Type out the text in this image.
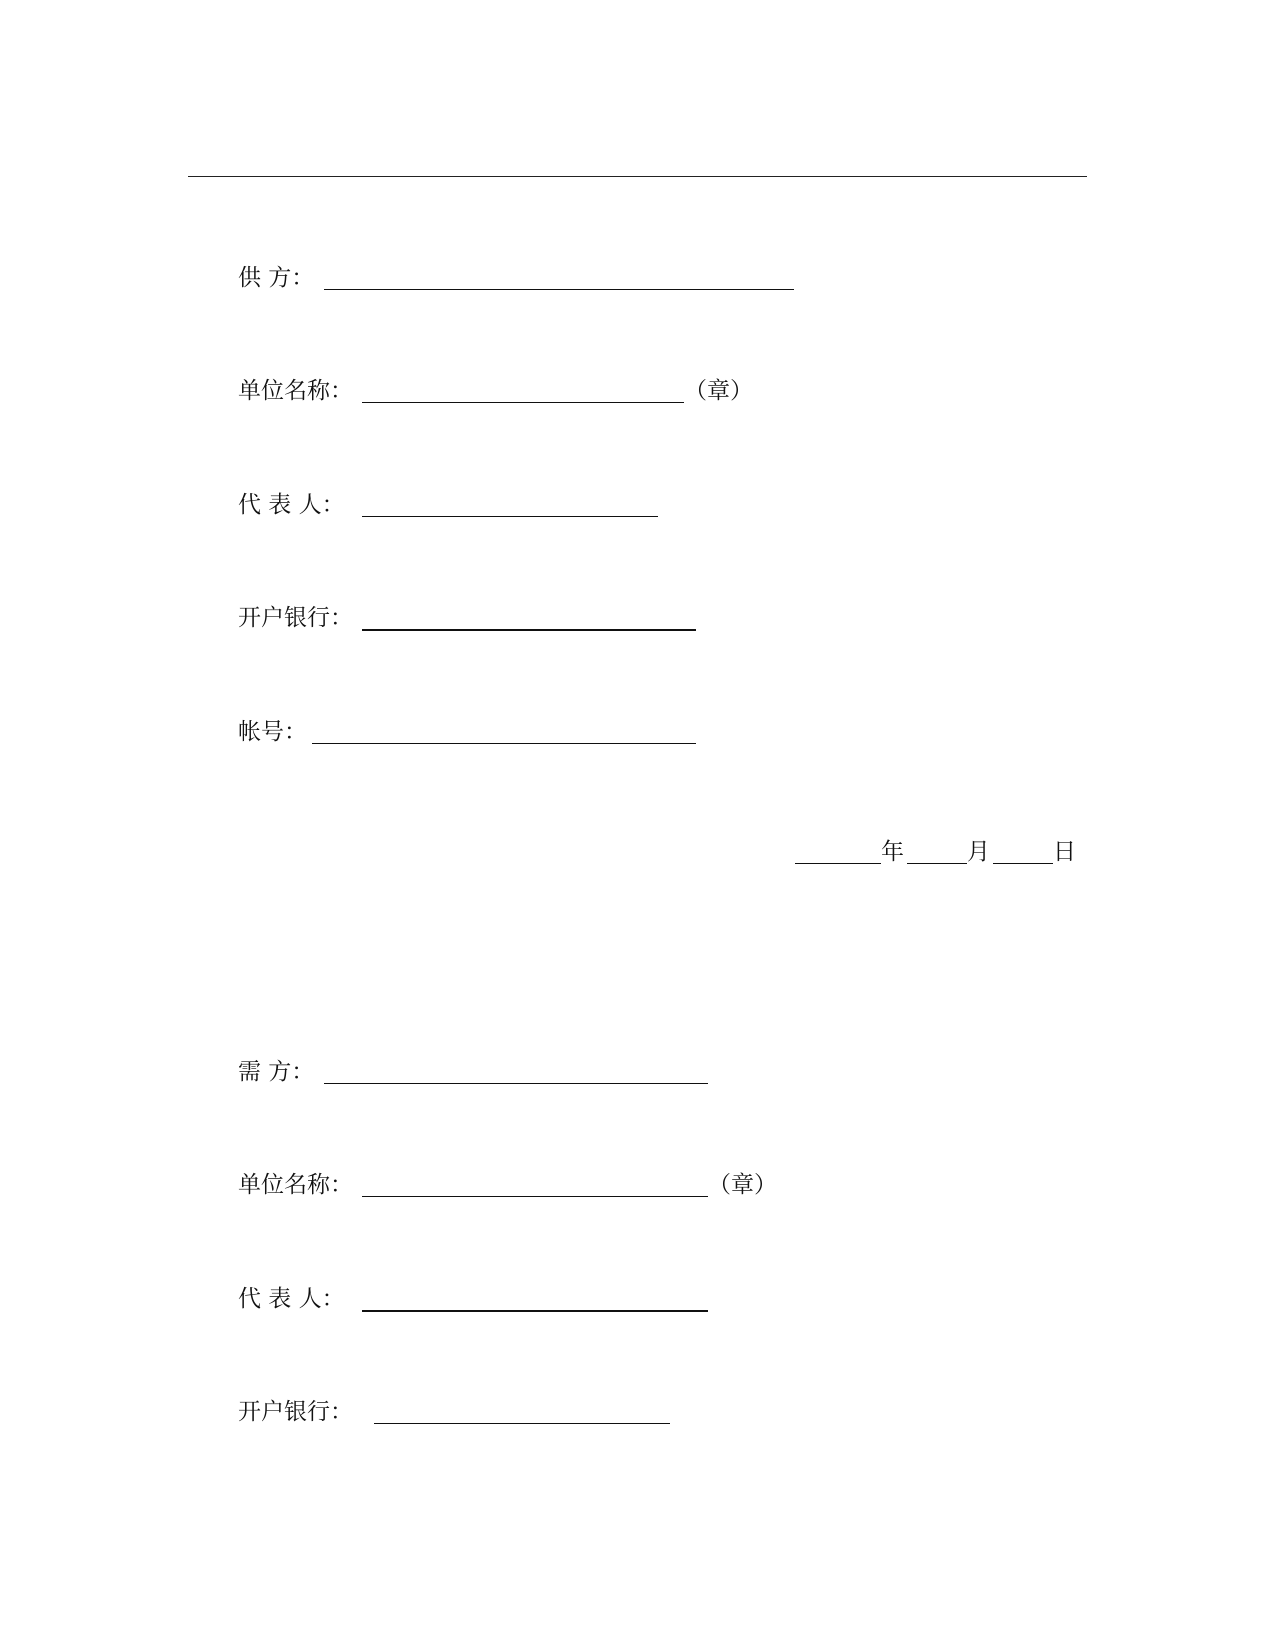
供 方：
单位名称：	（章）
代 表 人：
开户银行：
帐号：
年	月	日
需 方：
单位名称：	（章）
代 表 人：
开户银行：
